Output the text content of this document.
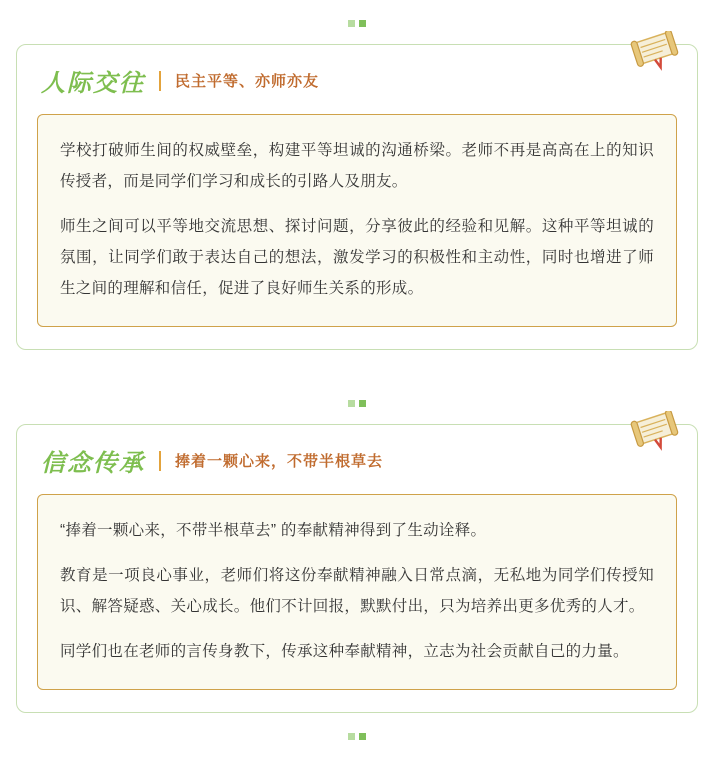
人际交往 民主平等、亦师亦友

学校打破师生间的权威壁垒，构建平等坦诚的沟通桥梁。老师不再是高高在上的知识传授者，而是同学们学习和成长的引路人及朋友。

师生之间可以平等地交流思想、探讨问题，分享彼此的经验和见解。这种平等坦诚的氛围，让同学们敢于表达自己的想法，激发学习的积极性和主动性，同时也增进了师生之间的理解和信任，促进了良好师生关系的形成。

信念传承 捧着一颗心来，不带半根草去

“捧着一颗心来，不带半根草去” 的奉献精神得到了生动诠释。

教育是一项良心事业，老师们将这份奉献精神融入日常点滴，无私地为同学们传授知识、解答疑惑、关心成长。他们不计回报，默默付出，只为培养出更多优秀的人才。

同学们也在老师的言传身教下，传承这种奉献精神，立志为社会贡献自己的力量。
